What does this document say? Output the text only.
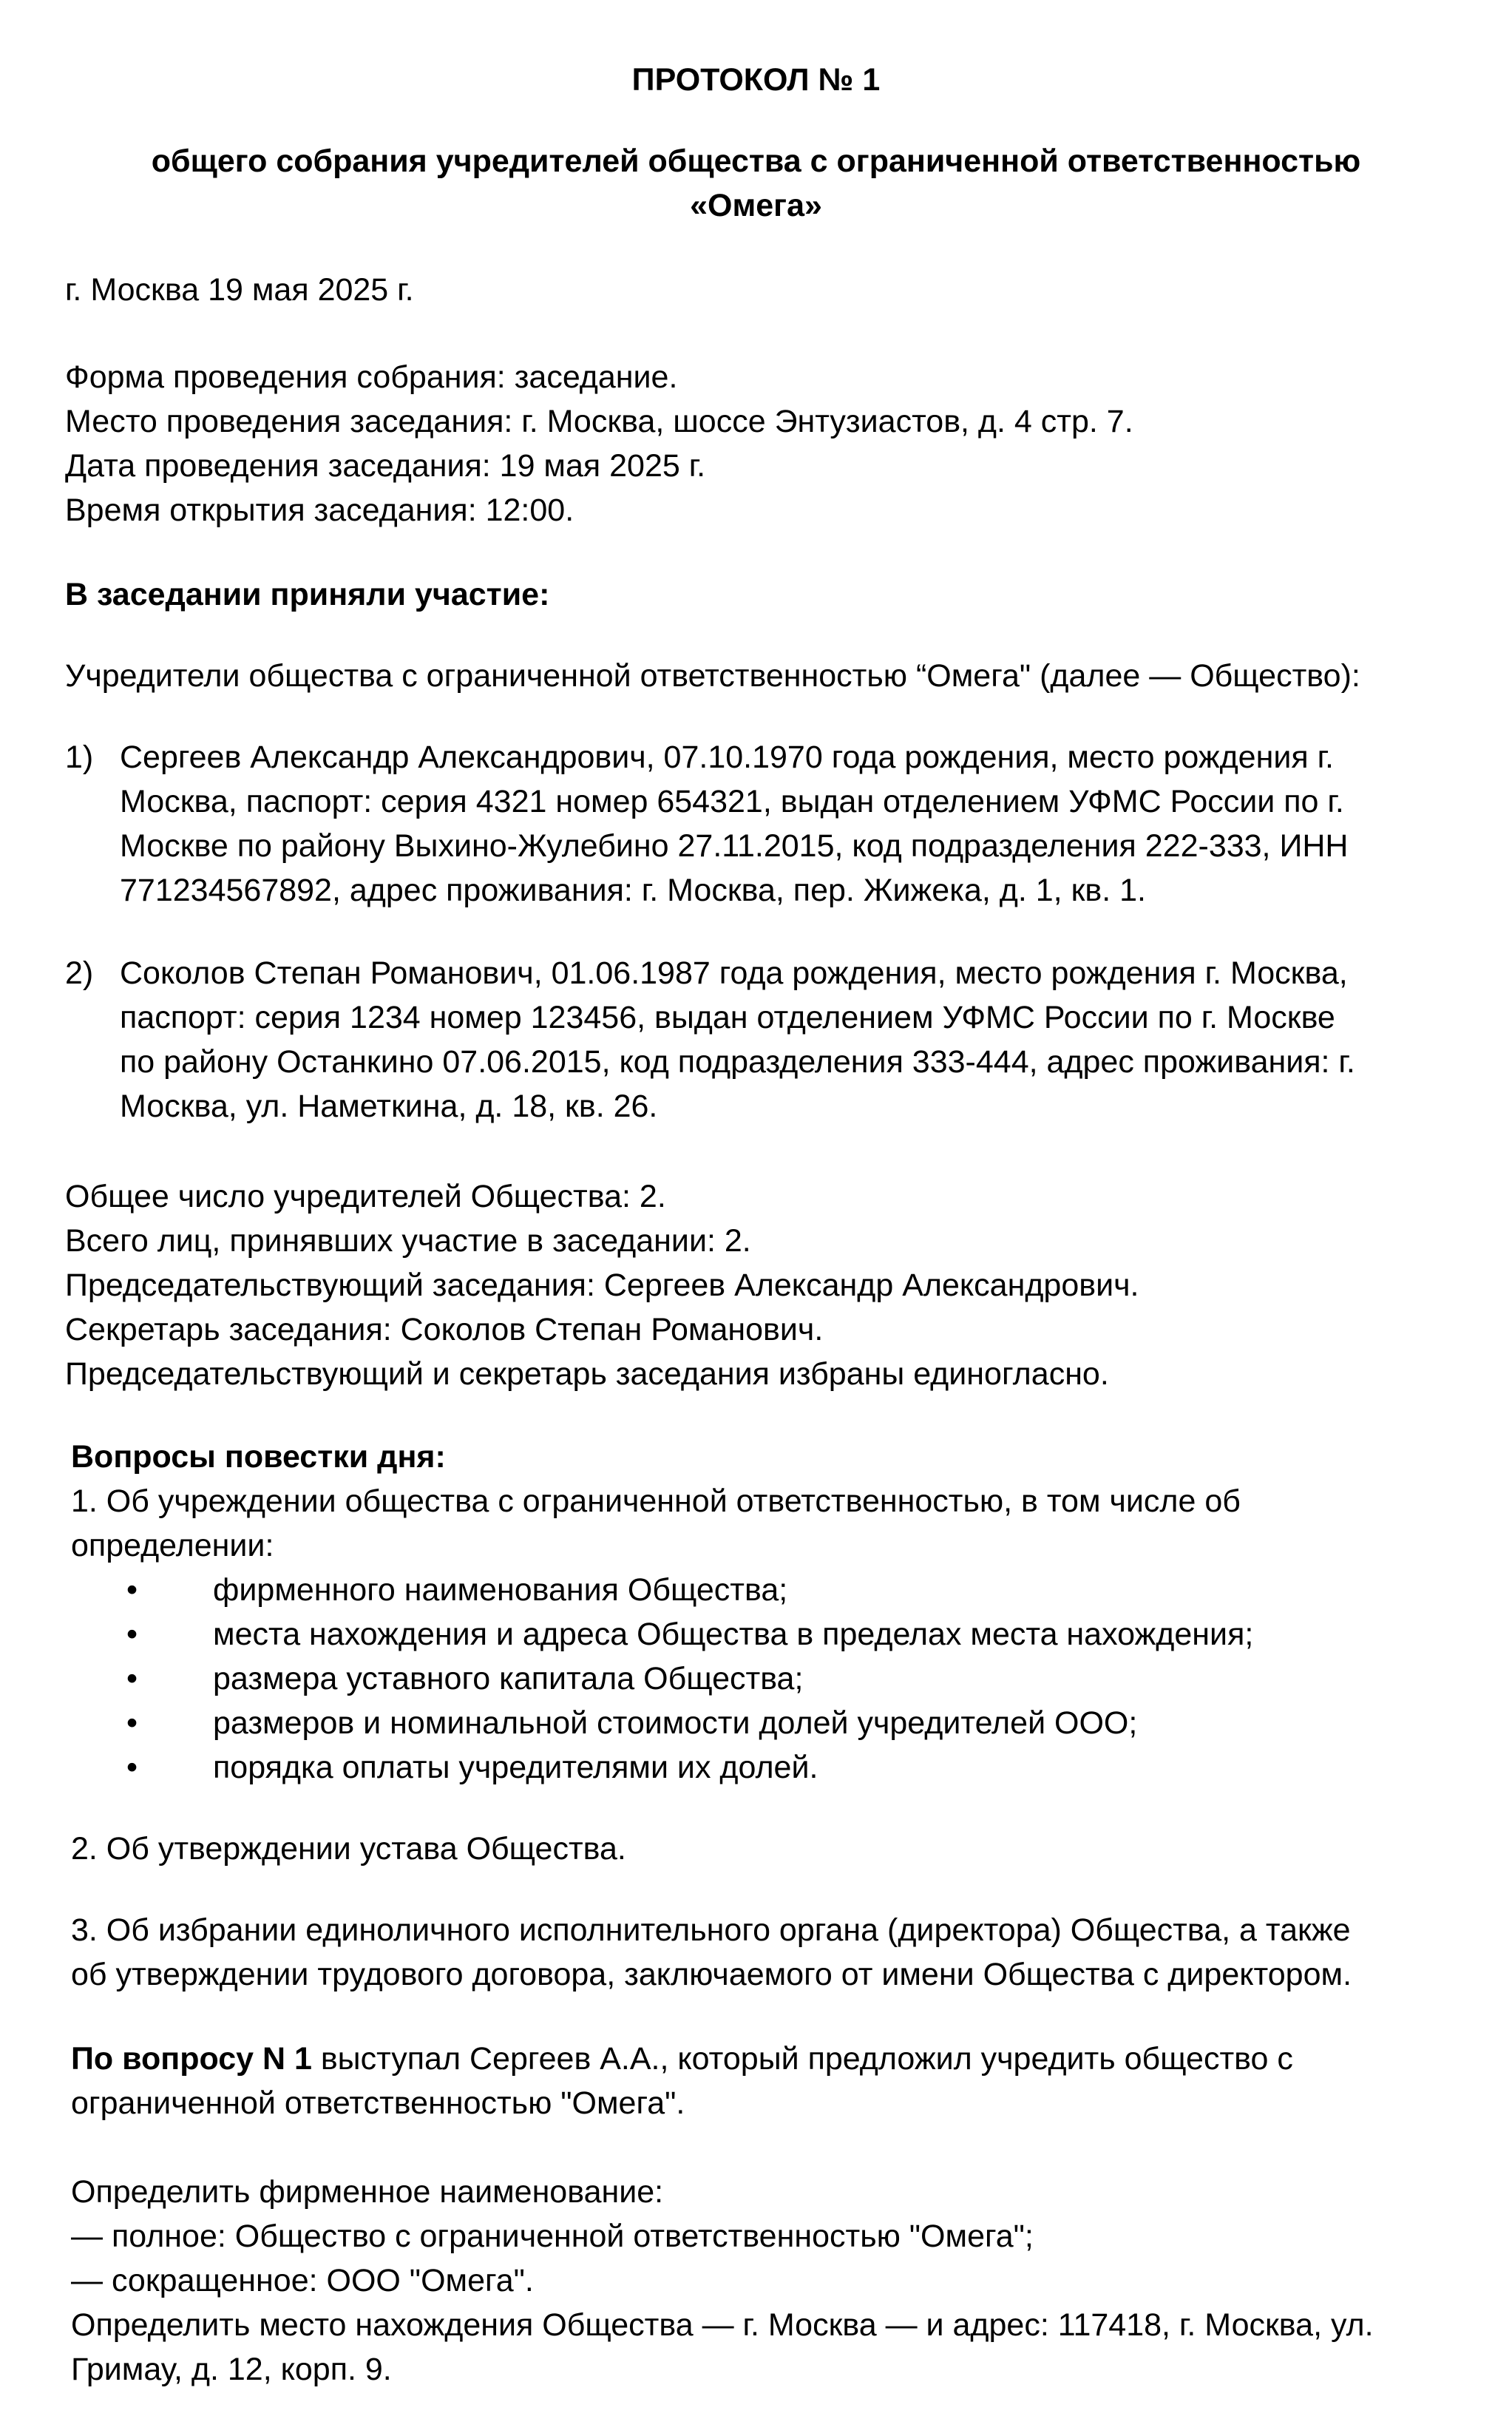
ПРОТОКОЛ № 1

общего собрания учредителей общества с ограниченной ответственностью

«Омега»

г. Москва 19 мая 2025 г.

Форма проведения собрания: заседание.

Место проведения заседания: г. Москва, шоссе Энтузиастов, д. 4 стр. 7.

Дата проведения заседания: 19 мая 2025 г.

Время открытия заседания: 12:00.

В заседании приняли участие:

Учредители общества с ограниченной ответственностью “Омега" (далее — Общество):

1) Сергеев Александр Александрович, 07.10.1970 года рождения, место рождения г.

Москва, паспорт: серия 4321 номер 654321, выдан отделением УФМС России по г.

Москве по району Выхино-Жулебино 27.11.2015, код подразделения 222-333, ИНН

771234567892, адрес проживания: г. Москва, пер. Жижека, д. 1, кв. 1.

2) Соколов Степан Романович, 01.06.1987 года рождения, место рождения г. Москва,

паспорт: серия 1234 номер 123456, выдан отделением УФМС России по г. Москве

по району Останкино 07.06.2015, код подразделения 333-444, адрес проживания: г.

Москва, ул. Наметкина, д. 18, кв. 26.

Общее число учредителей Общества: 2.

Всего лиц, принявших участие в заседании: 2.

Председательствующий заседания: Сергеев Александр Александрович.

Секретарь заседания: Соколов Степан Романович.

Председательствующий и секретарь заседания избраны единогласно.

Вопросы повестки дня:

1. Об учреждении общества с ограниченной ответственностью, в том числе об

определении:

• фирменного наименования Общества;

• места нахождения и адреса Общества в пределах места нахождения;

• размера уставного капитала Общества;

• размеров и номинальной стоимости долей учредителей ООО;

• порядка оплаты учредителями их долей.

2. Об утверждении устава Общества.

3. Об избрании единоличного исполнительного органа (директора) Общества, а также

об утверждении трудового договора, заключаемого от имени Общества с директором.

По вопросу N 1 выступал Сергеев А.А., который предложил учредить общество с

ограниченной ответственностью "Омега".

Определить фирменное наименование:

— полное: Общество с ограниченной ответственностью "Омега";

— сокращенное: ООО "Омега".

Определить место нахождения Общества — г. Москва — и адрес: 117418, г. Москва, ул.

Гримау, д. 12, корп. 9.
